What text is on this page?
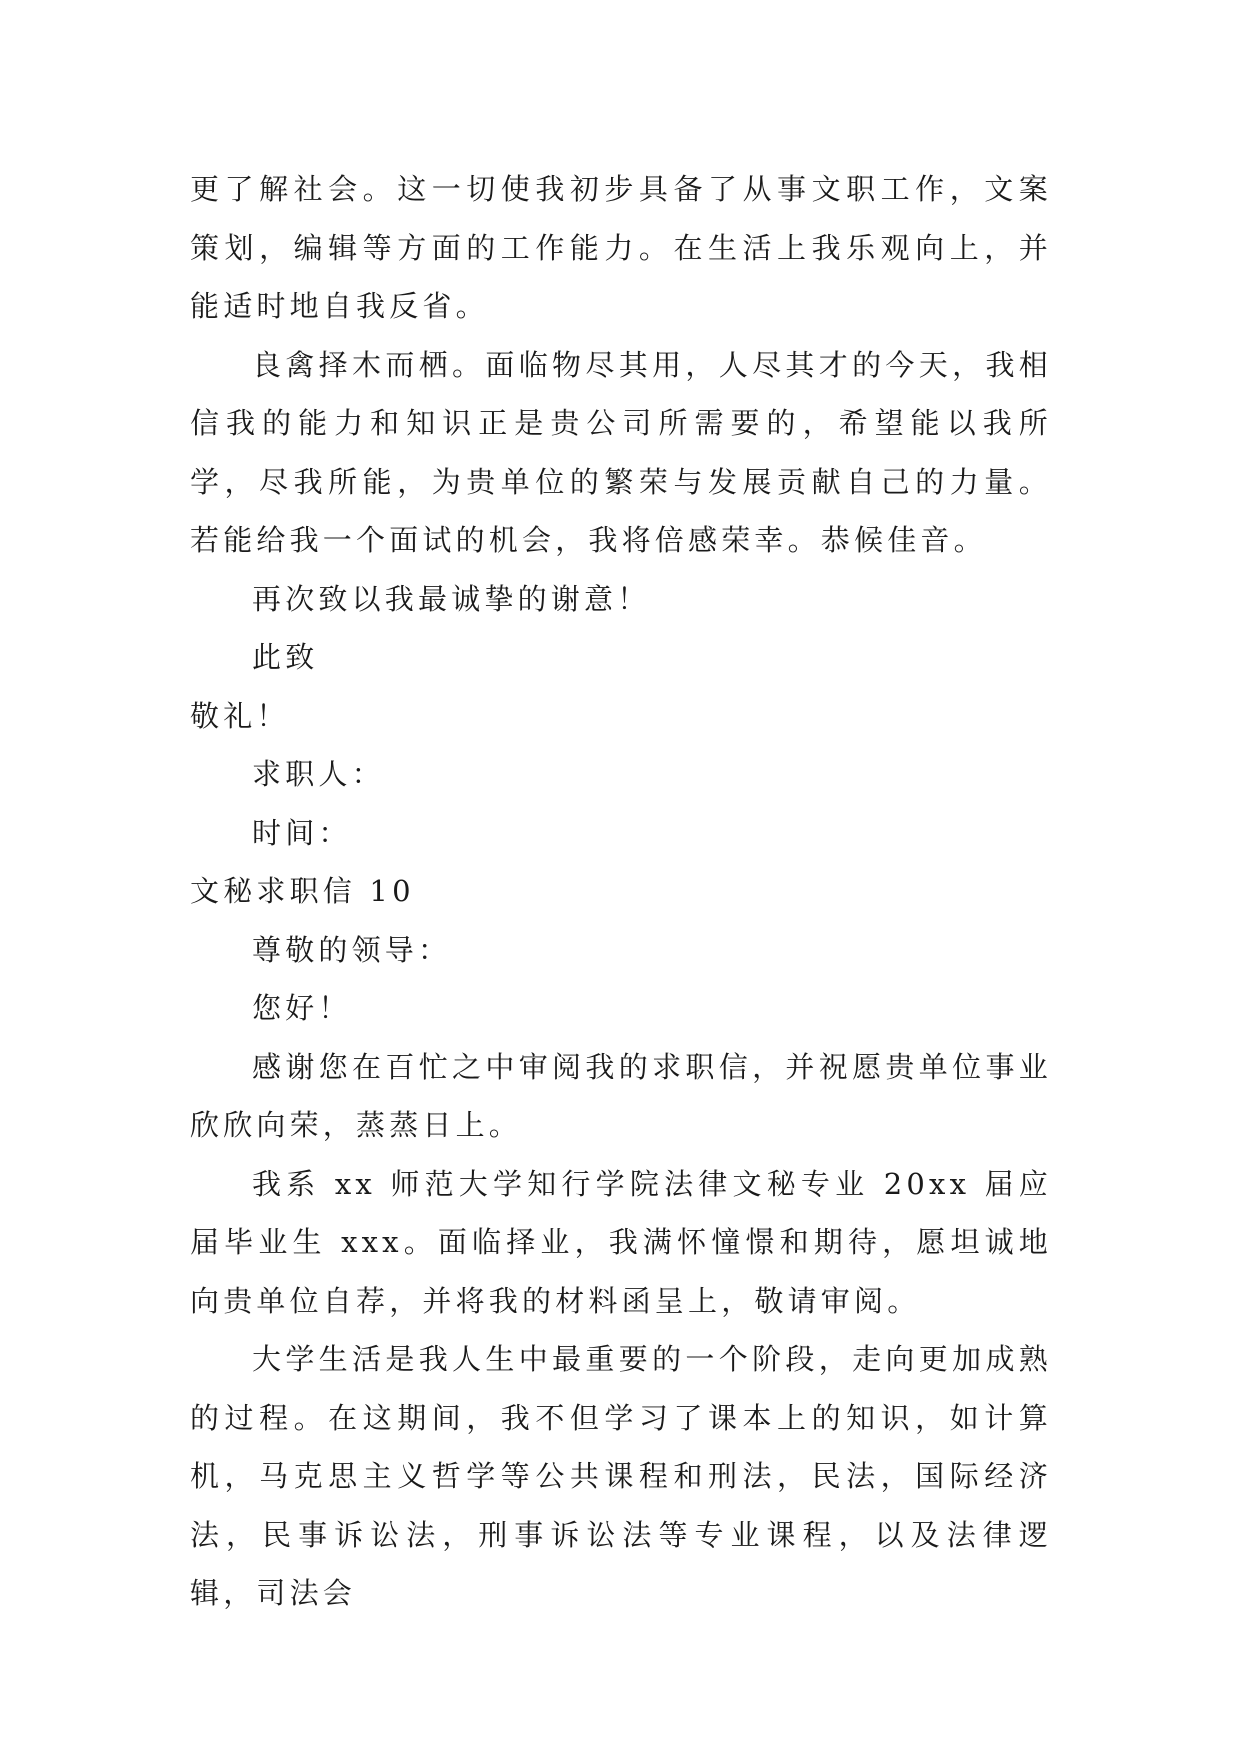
更了解社会。这一切使我初步具备了从事文职工作，文案策划，编辑等方面的工作能力。在生活上我乐观向上，并能适时地自我反省。

良禽择木而栖。面临物尽其用，人尽其才的今天，我相信我的能力和知识正是贵公司所需要的，希望能以我所学，尽我所能，为贵单位的繁荣与发展贡献自己的力量。若能给我一个面试的机会，我将倍感荣幸。恭候佳音。

再次致以我最诚挚的谢意！

此致

敬礼！

求职人：

时间：

文秘求职信 10

尊敬的领导：

您好！

感谢您在百忙之中审阅我的求职信，并祝愿贵单位事业欣欣向荣，蒸蒸日上。

我系 xx 师范大学知行学院法律文秘专业 20xx 届应届毕业生 xxx。面临择业，我满怀憧憬和期待，愿坦诚地向贵单位自荐，并将我的材料函呈上，敬请审阅。

大学生活是我人生中最重要的一个阶段，走向更加成熟的过程。在这期间，我不但学习了课本上的知识，如计算机，马克思主义哲学等公共课程和刑法，民法，国际经济法，民事诉讼法，刑事诉讼法等专业课程，以及法律逻辑，司法会
